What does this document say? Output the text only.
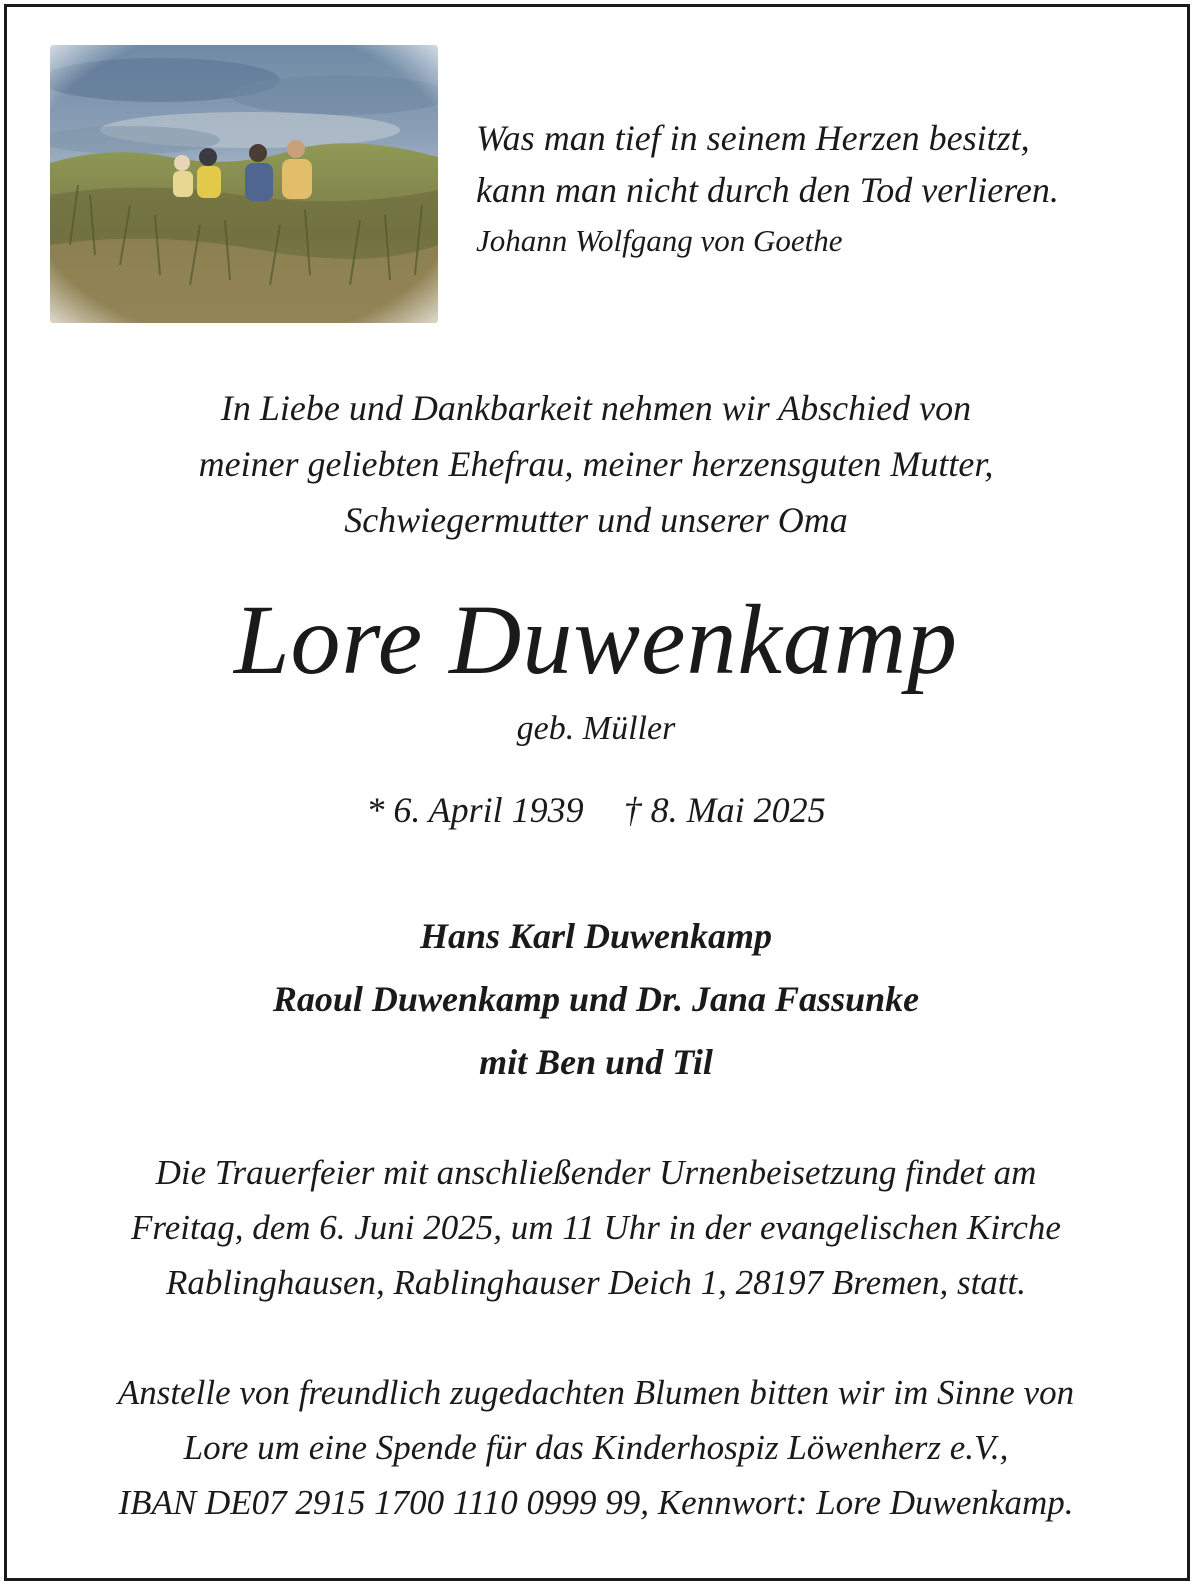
Was man tief in seinem Herzen besitzt,
kann man nicht durch den Tod verlieren.
Johann Wolfgang von Goethe
In Liebe und Dankbarkeit nehmen wir Abschied von
meiner geliebten Ehefrau, meiner herzensguten Mutter,
Schwiegermutter und unserer Oma
Lore Duwenkamp
geb. Müller
* 6. April 1939 † 8. Mai 2025
Hans Karl Duwenkamp
Raoul Duwenkamp und Dr. Jana Fassunke
mit Ben und Til
Die Trauerfeier mit anschließender Urnenbeisetzung findet am
Freitag, dem 6. Juni 2025, um 11 Uhr in der evangelischen Kirche
Rablinghausen, Rablinghauser Deich 1, 28197 Bremen, statt.
Anstelle von freundlich zugedachten Blumen bitten wir im Sinne von
Lore um eine Spende für das Kinderhospiz Löwenherz e.V.,
IBAN DE07 2915 1700 1110 0999 99, Kennwort: Lore Duwenkamp.
